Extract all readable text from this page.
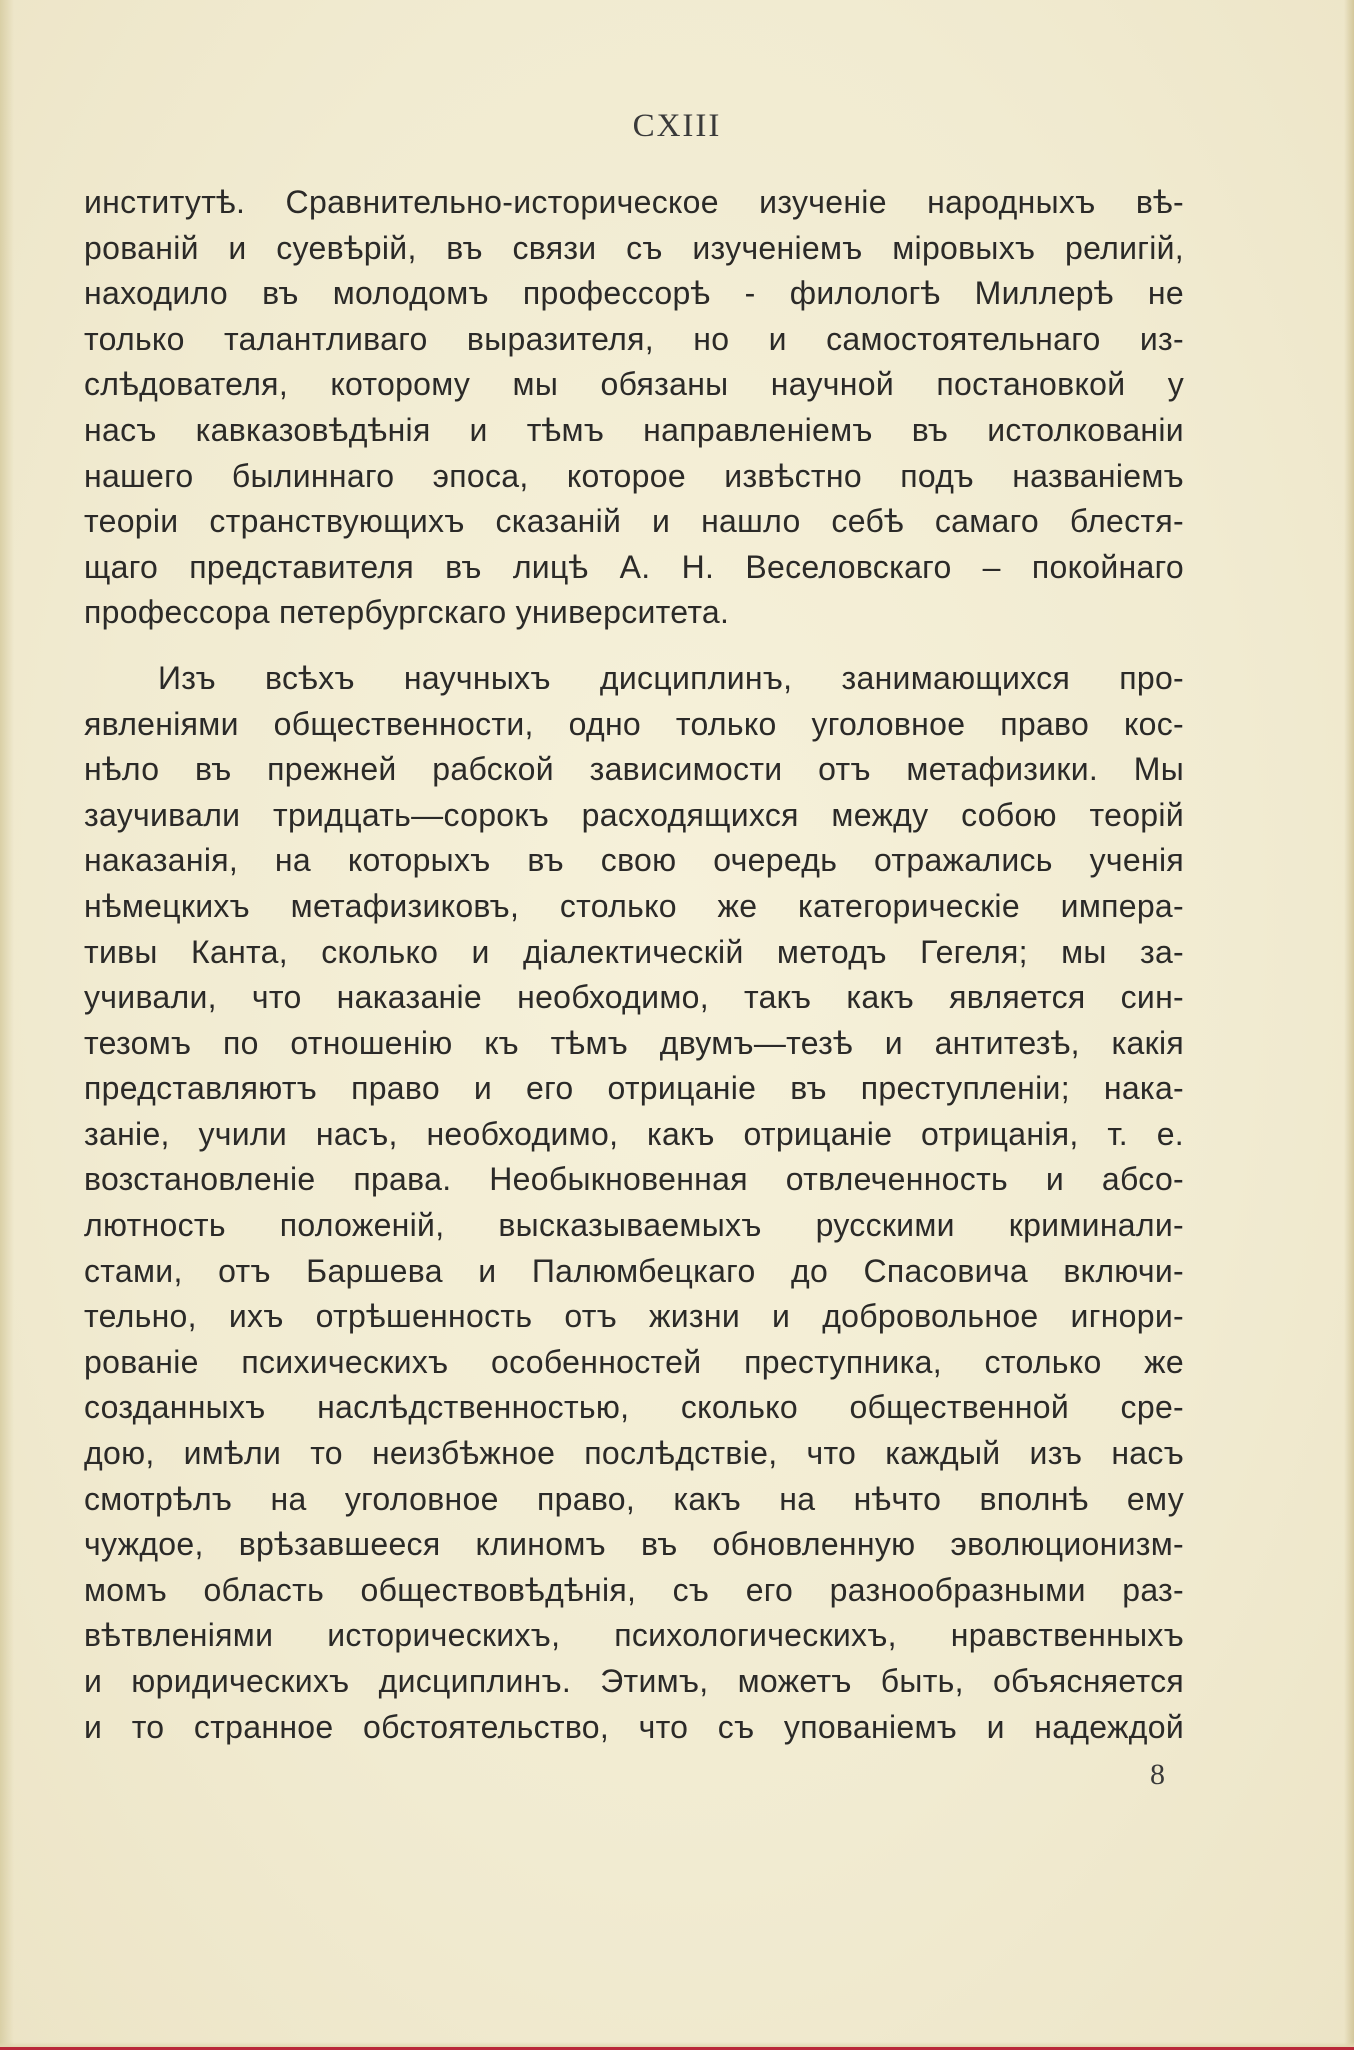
CXIII
институтѣ. Сравнительно-историческое изученіе народныхъ вѣ-
рованій и суевѣрій, въ связи съ изученіемъ міровыхъ религій,
находило въ молодомъ профессорѣ - филологѣ Миллерѣ не
только талантливаго выразителя, но и самостоятельнаго из-
слѣдователя, которому мы обязаны научной постановкой у
насъ кавказовѣдѣнія и тѣмъ направленіемъ въ истолкованіи
нашего былиннаго эпоса, которое извѣстно подъ названіемъ
теоріи странствующихъ сказаній и нашло себѣ самаго блестя-
щаго представителя въ лицѣ А. Н. Веселовскаго – покойнаго
профессора петербургскаго университета.
Изъ всѣхъ научныхъ дисциплинъ, занимающихся про-
явленіями общественности, одно только уголовное право кос-
нѣло въ прежней рабской зависимости отъ метафизики. Мы
заучивали тридцать—сорокъ расходящихся между собою теорій
наказанія, на которыхъ въ свою очередь отражались ученія
нѣмецкихъ метафизиковъ, столько же категорическіе импера-
тивы Канта, сколько и діалектическій методъ Гегеля; мы за-
учивали, что наказаніе необходимо, такъ какъ является син-
тезомъ по отношенію къ тѣмъ двумъ—тезѣ и антитезѣ, какія
представляютъ право и его отрицаніе въ преступленіи; нака-
заніе, учили насъ, необходимо, какъ отрицаніе отрицанія, т. е.
возстановленіе права. Необыкновенная отвлеченность и абсо-
лютность положеній, высказываемыхъ русскими криминали-
стами, отъ Баршева и Палюмбецкаго до Спасовича включи-
тельно, ихъ отрѣшенность отъ жизни и добровольное игнори-
рованіе психическихъ особенностей преступника, столько же
созданныхъ наслѣдственностью, сколько общественной сре-
дою, имѣли то неизбѣжное послѣдствіе, что каждый изъ насъ
смотрѣлъ на уголовное право, какъ на нѣчто вполнѣ ему
чуждое, врѣзавшееся клиномъ въ обновленную эволюционизм-
момъ область обществовѣдѣнія, съ его разнообразными раз-
вѣтвленіями историческихъ, психологическихъ, нравственныхъ
и юридическихъ дисциплинъ. Этимъ, можетъ быть, объясняется
и то странное обстоятельство, что съ упованіемъ и надеждой
8
